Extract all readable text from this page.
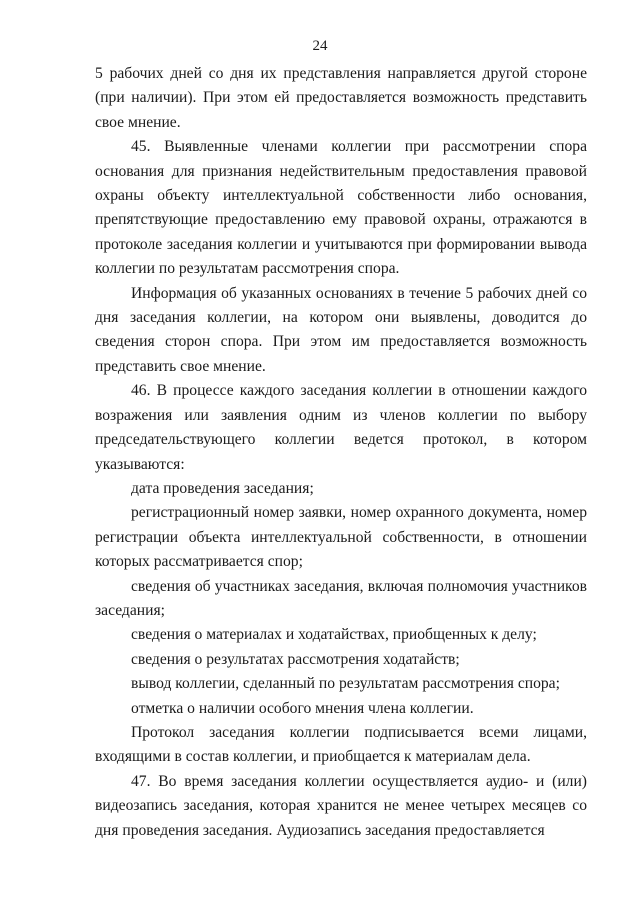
24

5 рабочих дней со дня их представления направляется другой стороне (при наличии). При этом ей предоставляется возможность представить свое мнение.

45. Выявленные членами коллегии при рассмотрении спора основания для признания недействительным предоставления правовой охраны объекту интеллектуальной собственности либо основания, препятствующие предоставлению ему правовой охраны, отражаются в протоколе заседания коллегии и учитываются при формировании вывода коллегии по результатам рассмотрения спора.

Информация об указанных основаниях в течение 5 рабочих дней со дня заседания коллегии, на котором они выявлены, доводится до сведения сторон спора. При этом им предоставляется возможность представить свое мнение.

46. В процессе каждого заседания коллегии в отношении каждого возражения или заявления одним из членов коллегии по выбору председательствующего коллегии ведется протокол, в котором указываются:

дата проведения заседания;

регистрационный номер заявки, номер охранного документа, номер регистрации объекта интеллектуальной собственности, в отношении которых рассматривается спор;

сведения об участниках заседания, включая полномочия участников заседания;

сведения о материалах и ходатайствах, приобщенных к делу;

сведения о результатах рассмотрения ходатайств;

вывод коллегии, сделанный по результатам рассмотрения спора;

отметка о наличии особого мнения члена коллегии.

Протокол заседания коллегии подписывается всеми лицами, входящими в состав коллегии, и приобщается к материалам дела.

47. Во время заседания коллегии осуществляется аудио- и (или) видеозапись заседания, которая хранится не менее четырех месяцев со дня проведения заседания. Аудиозапись заседания предоставляется
